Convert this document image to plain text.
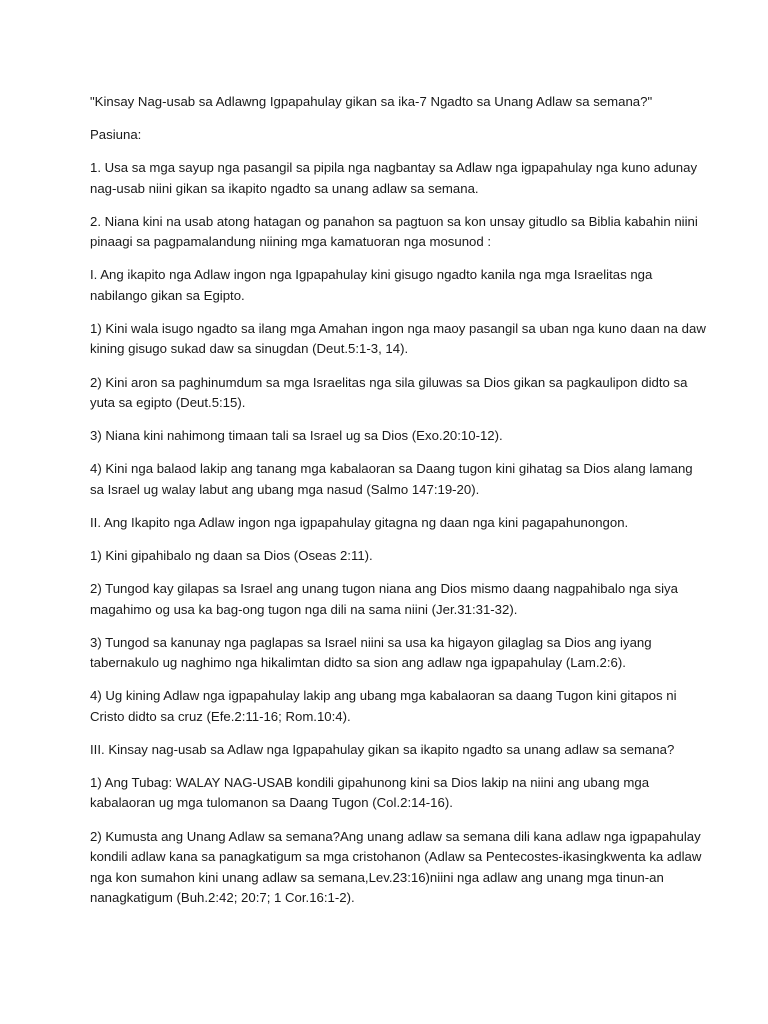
"Kinsay Nag-usab sa Adlawng Igpapahulay gikan sa ika-7 Ngadto sa Unang Adlaw sa semana?"

Pasiuna:

1. Usa sa mga sayup nga pasangil sa pipila nga nagbantay sa Adlaw nga igpapahulay nga kuno adunay nag-usab niini gikan sa ikapito ngadto sa unang adlaw sa semana.

2. Niana kini na usab atong hatagan og panahon sa pagtuon sa kon unsay gitudlo sa Biblia kabahin niini pinaagi sa pagpamalandung niining mga kamatuoran nga mosunod :

I. Ang ikapito nga Adlaw ingon nga Igpapahulay kini gisugo ngadto kanila nga mga Israelitas nga nabilango gikan sa Egipto.

1) Kini wala isugo ngadto sa ilang mga Amahan ingon nga maoy pasangil sa uban nga kuno daan na daw kining gisugo sukad daw sa sinugdan (Deut.5:1-3, 14).

2) Kini aron sa paghinumdum sa mga Israelitas nga sila giluwas sa Dios gikan sa pagkaulipon didto sa yuta sa egipto (Deut.5:15).

3) Niana kini nahimong timaan tali sa Israel ug sa Dios (Exo.20:10-12).

4) Kini nga balaod lakip ang tanang mga kabalaoran sa Daang tugon kini gihatag sa Dios alang lamang sa Israel ug walay labut ang ubang mga nasud (Salmo 147:19-20).

II. Ang Ikapito nga Adlaw ingon nga igpapahulay gitagna ng daan nga kini pagapahunongon.

1) Kini gipahibalo ng daan sa Dios (Oseas 2:11).

2) Tungod kay gilapas sa Israel ang unang tugon niana ang Dios mismo daang nagpahibalo nga siya magahimo og usa ka bag-ong tugon nga dili na sama niini (Jer.31:31-32).

3) Tungod sa kanunay nga paglapas sa Israel niini sa usa ka higayon gilaglag sa Dios ang iyang tabernakulo ug naghimo nga hikalimtan didto sa sion ang adlaw nga igpapahulay (Lam.2:6).

4) Ug kining Adlaw nga igpapahulay lakip ang ubang mga kabalaoran sa daang Tugon kini gitapos ni Cristo didto sa cruz (Efe.2:11-16; Rom.10:4).

III. Kinsay nag-usab sa Adlaw nga Igpapahulay gikan sa ikapito ngadto sa unang adlaw sa semana?

1) Ang Tubag: WALAY NAG-USAB kondili gipahunong kini sa Dios lakip na niini ang ubang mga kabalaoran ug mga tulomanon sa Daang Tugon (Col.2:14-16).

2) Kumusta ang Unang Adlaw sa semana?Ang unang adlaw sa semana dili kana adlaw nga igpapahulay kondili adlaw kana sa panagkatigum sa mga cristohanon (Adlaw sa Pentecostes-ikasingkwenta ka adlaw nga kon sumahon kini unang adlaw sa semana,Lev.23:16)niini nga adlaw ang unang mga tinun-an nanagkatigum (Buh.2:42; 20:7; 1 Cor.16:1-2).
